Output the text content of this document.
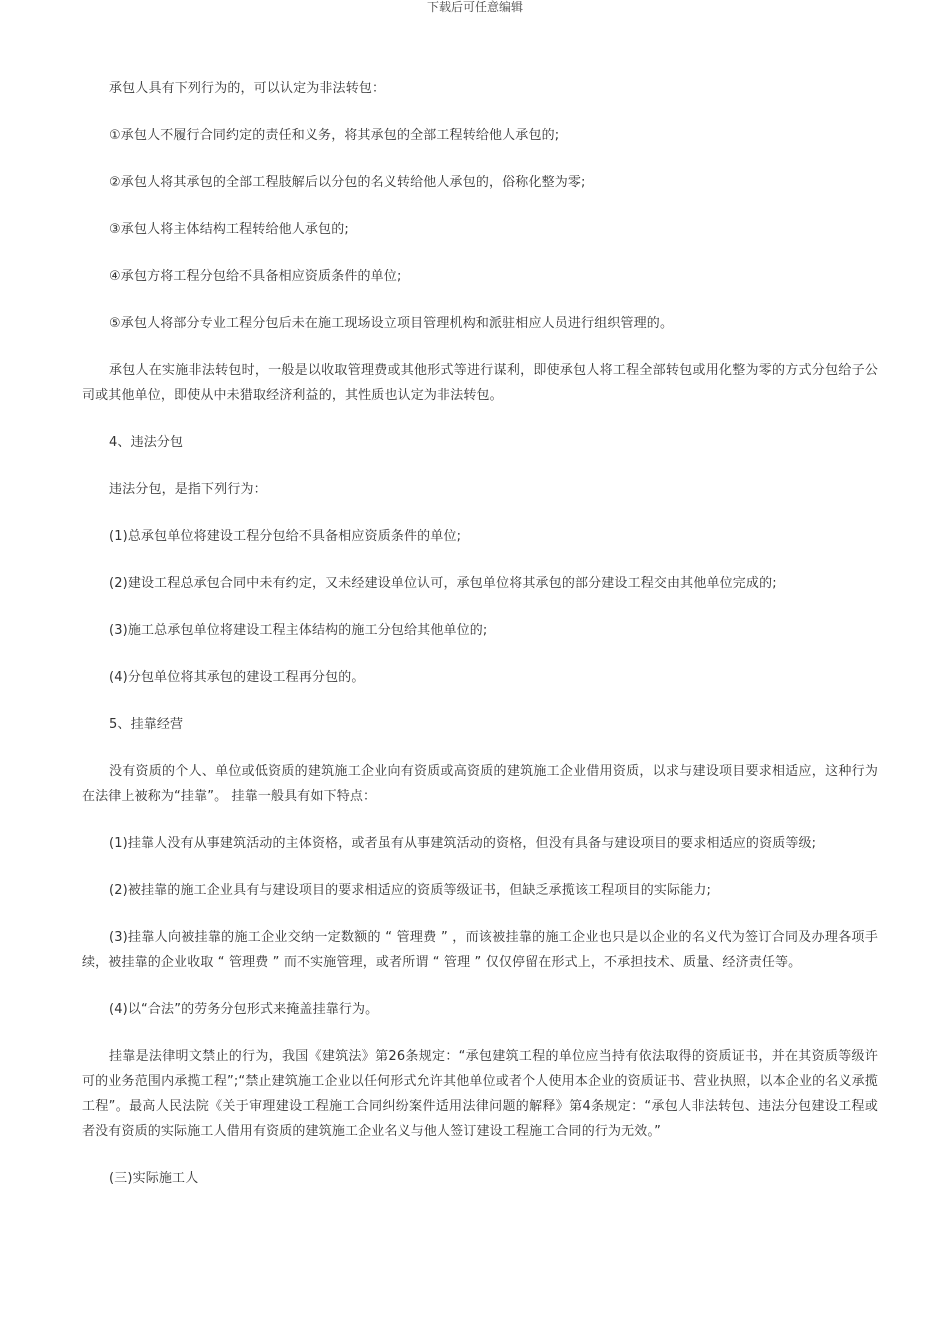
下载后可任意编辑

承包人具有下列行为的，可以认定为非法转包：

①承包人不履行合同约定的责任和义务，将其承包的全部工程转给他人承包的;

②承包人将其承包的全部工程肢解后以分包的名义转给他人承包的，俗称化整为零;

③承包人将主体结构工程转给他人承包的;

④承包方将工程分包给不具备相应资质条件的单位;

⑤承包人将部分专业工程分包后未在施工现场设立项目管理机构和派驻相应人员进行组织管理的。

承包人在实施非法转包时，一般是以收取管理费或其他形式等进行谋利，即使承包人将工程全部转包或用化整为零的方式分包给子公司或其他单位，即使从中未猎取经济利益的，其性质也认定为非法转包。

4、违法分包

违法分包，是指下列行为：

(1)总承包单位将建设工程分包给不具备相应资质条件的单位;

(2)建设工程总承包合同中未有约定，又未经建设单位认可，承包单位将其承包的部分建设工程交由其他单位完成的;

(3)施工总承包单位将建设工程主体结构的施工分包给其他单位的;

(4)分包单位将其承包的建设工程再分包的。

5、挂靠经营

没有资质的个人、单位或低资质的建筑施工企业向有资质或高资质的建筑施工企业借用资质，以求与建设项目要求相适应，这种行为在法律上被称为“挂靠”。 挂靠一般具有如下特点：

(1)挂靠人没有从事建筑活动的主体资格，或者虽有从事建筑活动的资格，但没有具备与建设项目的要求相适应的资质等级;

(2)被挂靠的施工企业具有与建设项目的要求相适应的资质等级证书，但缺乏承揽该工程项目的实际能力;

(3)挂靠人向被挂靠的施工企业交纳一定数额的 “ 管理费 ” ，而该被挂靠的施工企业也只是以企业的名义代为签订合同及办理各项手续，被挂靠的企业收取 “ 管理费 ” 而不实施管理，或者所谓 “ 管理 ” 仅仅停留在形式上，不承担技术、质量、经济责任等。

(4)以“合法”的劳务分包形式来掩盖挂靠行为。

挂靠是法律明文禁止的行为，我国《建筑法》第26条规定：“承包建筑工程的单位应当持有依法取得的资质证书，并在其资质等级许可的业务范围内承揽工程”;“禁止建筑施工企业以任何形式允许其他单位或者个人使用本企业的资质证书、营业执照，以本企业的名义承揽工程”。最高人民法院《关于审理建设工程施工合同纠纷案件适用法律问题的解释》第4条规定：“承包人非法转包、违法分包建设工程或者没有资质的实际施工人借用有资质的建筑施工企业名义与他人签订建设工程施工合同的行为无效。”

(三)实际施工人
